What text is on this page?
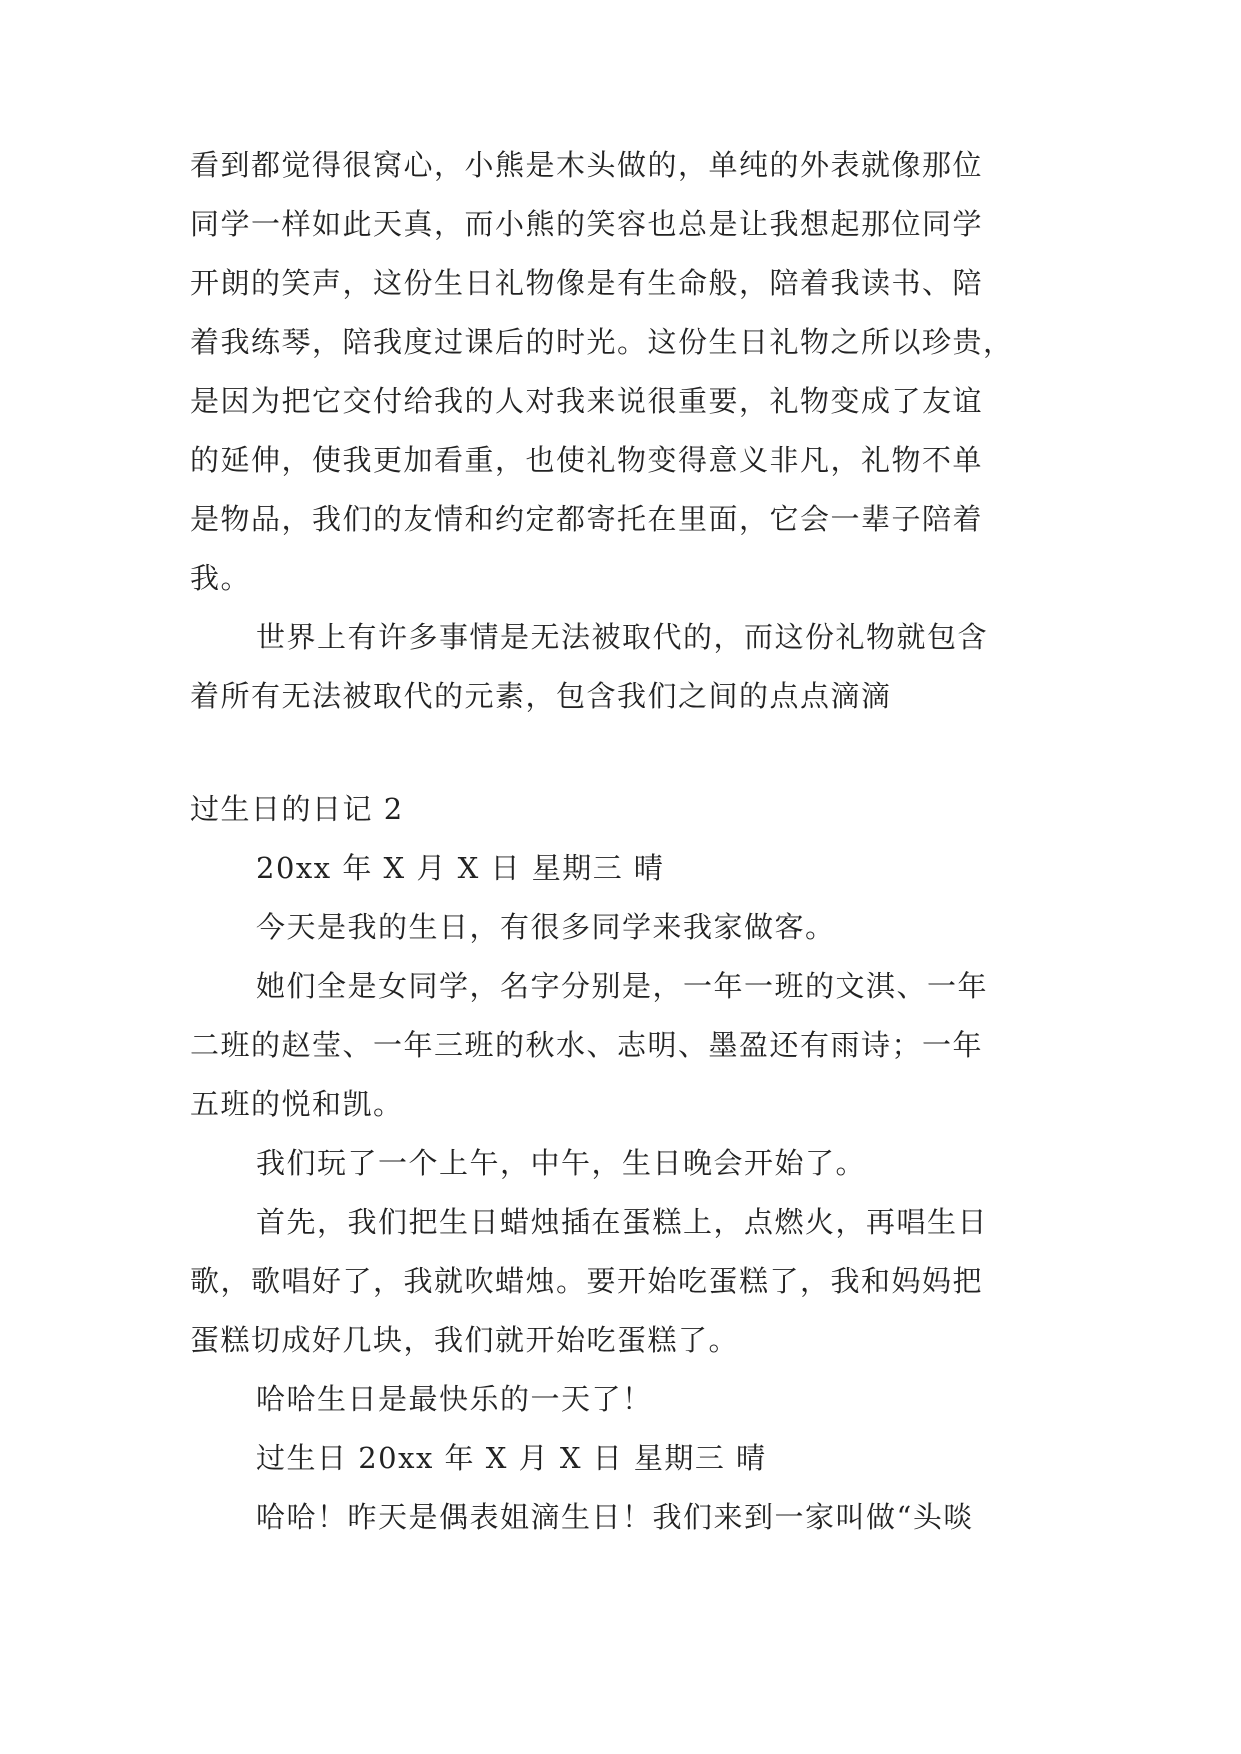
看到都觉得很窝心，小熊是木头做的，单纯的外表就像那位
同学一样如此天真，而小熊的笑容也总是让我想起那位同学
开朗的笑声，这份生日礼物像是有生命般，陪着我读书、陪
着我练琴，陪我度过课后的时光。这份生日礼物之所以珍贵，
是因为把它交付给我的人对我来说很重要，礼物变成了友谊
的延伸，使我更加看重，也使礼物变得意义非凡，礼物不单
是物品，我们的友情和约定都寄托在里面，它会一辈子陪着
我。
世界上有许多事情是无法被取代的，而这份礼物就包含
着所有无法被取代的元素，包含我们之间的点点滴滴
过生日的日记 2
20xx 年 X 月 X 日 星期三 晴
今天是我的生日，有很多同学来我家做客。
她们全是女同学，名字分别是，一年一班的文淇、一年
二班的赵莹、一年三班的秋水、志明、墨盈还有雨诗；一年
五班的悦和凯。
我们玩了一个上午，中午，生日晚会开始了。
首先，我们把生日蜡烛插在蛋糕上，点燃火，再唱生日
歌，歌唱好了，我就吹蜡烛。要开始吃蛋糕了，我和妈妈把
蛋糕切成好几块，我们就开始吃蛋糕了。
哈哈生日是最快乐的一天了！
过生日 20xx 年 X 月 X 日 星期三 晴
哈哈！昨天是偶表姐滴生日！我们来到一家叫做“头啖
